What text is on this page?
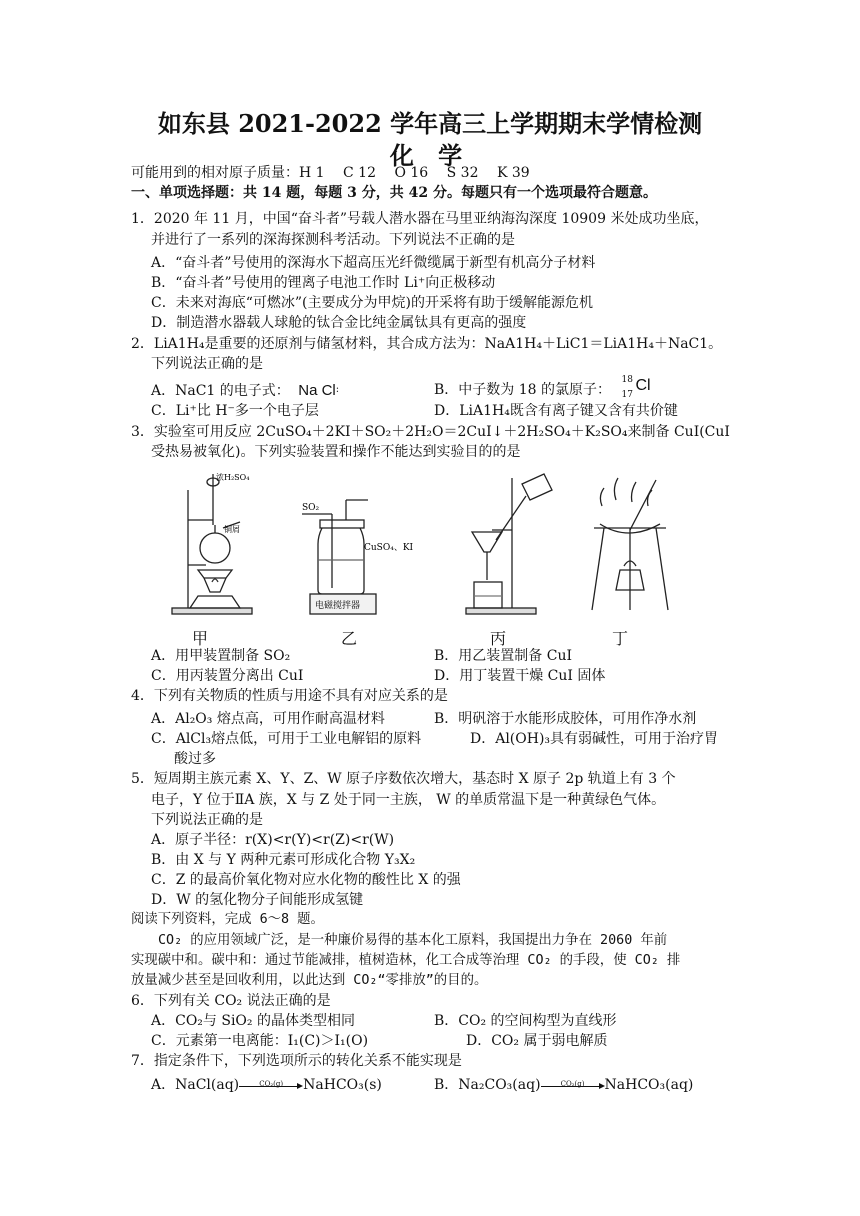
如东县 2021-2022 学年高三上学期期末学情检测
化 学
可能用到的相对原子质量：H 1　 C 12　 O 16　 S 32　 K 39
一、单项选择题：共 14 题，每题 3 分，共 42 分。每题只有一个选项最符合题意。
1．2020 年 11 月，中国“奋斗者”号载人潜水器在马里亚纳海沟深度 10909 米处成功坐底，
并进行了一系列的深海探测科考活动。下列说法不正确的是
A．“奋斗者”号使用的深海水下超高压光纤微缆属于新型有机高分子材料
B．“奋斗者”号使用的锂离子电池工作时 Li⁺向正极移动
C．未来对海底“可燃冰”(主要成分为甲烷)的开采将有助于缓解能源危机
D．制造潜水器载人球舱的钛合金比纯金属钛具有更高的强度
2．LiA1H₄是重要的还原剂与储氢材料，其合成方法为：NaA1H₄＋LiC1＝LiA1H₄＋NaC1。
下列说法正确的是
A．NaC1 的电子式： Na Cl:	B．中子数为 18 的氯原子：
18
17
Cl
C．Li⁺比 H⁻多一个电子层	D．LiA1H₄既含有离子键又含有共价键
3．实验室可用反应 2CuSO₄＋2KI＋SO₂＋2H₂O＝2CuI↓＋2H₂SO₄＋K₂SO₄来制备 CuI(CuI
受热易被氧化)。下列实验装置和操作不能达到实验目的的是
浓H₂SO₄
铜屑
SO₂
CuSO₄、KI
电磁搅拌器
甲	乙	丙	丁
A．用甲装置制备 SO₂	B．用乙装置制备 CuI
C．用丙装置分离出 CuI	D．用丁装置干燥 CuI 固体
4．下列有关物质的性质与用途不具有对应关系的是
A．Al₂O₃ 熔点高，可用作耐高温材料	B．明矾溶于水能形成胶体，可用作净水剂
C．AlCl₃熔点低，可用于工业电解铝的原料	D．Al(OH)₃具有弱碱性，可用于治疗胃
酸过多
5．短周期主族元素 X、Y、Z、W 原子序数依次增大，基态时 X 原子 2p 轨道上有 3 个
电子，Y 位于ⅡA 族，X 与 Z 处于同一主族， W 的单质常温下是一种黄绿色气体。
下列说法正确的是
A．原子半径：r(X)<r(Y)<r(Z)<r(W)
B．由 X 与 Y 两种元素可形成化合物 Y₃X₂
C．Z 的最高价氧化物对应水化物的酸性比 X 的强
D．W 的氢化物分子间能形成氢键
阅读下列资料，完成 6～8 题。
CO₂ 的应用领域广泛，是一种廉价易得的基本化工原料，我国提出力争在 2060 年前
实现碳中和。碳中和：通过节能减排，植树造林，化工合成等治理 CO₂ 的手段，使 CO₂ 排
放量减少甚至是回收利用，以此达到 CO₂“零排放”的目的。
6．下列有关 CO₂ 说法正确的是
A．CO₂与 SiO₂ 的晶体类型相同	B．CO₂ 的空间构型为直线形
C．元素第一电离能：I₁(C)＞I₁(O)	D．CO₂ 属于弱电解质
7．指定条件下，下列选项所示的转化关系不能实现是
A．NaCl(aq)	CO₂(g)	NaHCO₃(s)	B．Na₂CO₃(aq)	CO₂(g)	NaHCO₃(aq)
